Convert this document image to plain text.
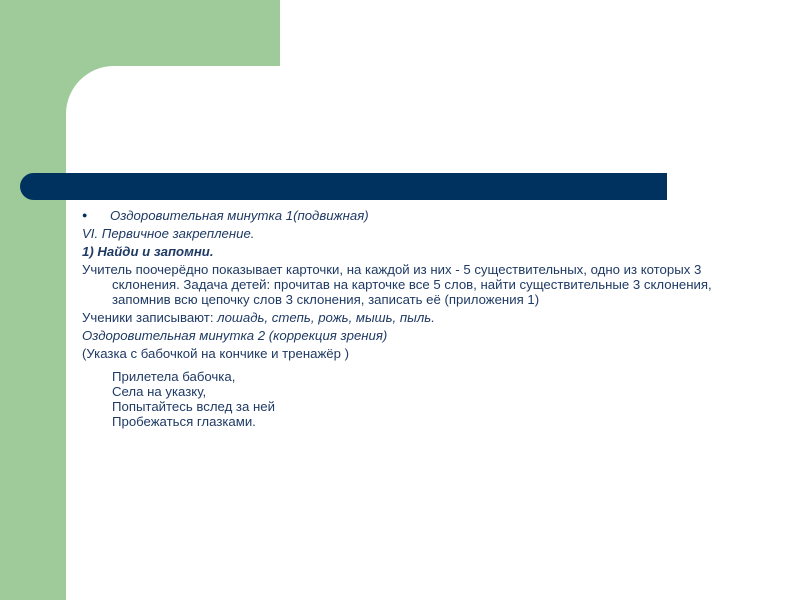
●	Оздоровительная минутка 1(подвижная)
VI. Первичное закрепление.
1) Найди и запомни.
Учитель поочерёдно показывает карточки, на каждой из них - 5 существительных, одно из которых 3 склонения. Задача детей: прочитав на карточке все 5 слов, найти существительные 3 склонения, запомнив всю цепочку слов 3 склонения, записать её (приложения 1)
Ученики записывают: лошадь, степь, рожь, мышь, пыль.
Оздоровительная минутка 2 (коррекция зрения)
(Указка с бабочкой на кончике и тренажёр )
Прилетела бабочка,
Села на указку,
Попытайтесь вслед за ней
Пробежаться глазками.
